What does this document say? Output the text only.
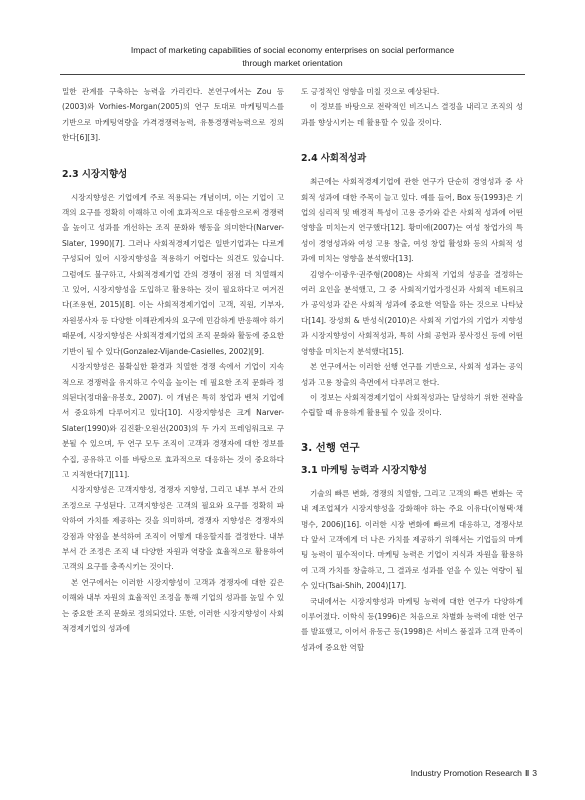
Impact of marketing capabilities of social economy enterprises on social performance
through market orientation

밀한 관계를 구축하는 능력을 가리킨다. 본연구에서는 Zou 등(2003)와 Vorhies-Morgan(2005)의 연구 토대로 마케팅믹스를 기반으로 마케팅역량을 가격경쟁력능력, 유통경쟁력능력으로 정의한다[6][3].

2.3 시장지향성

시장지향성은 기업에게 주로 적용되는 개념이며, 이는 기업이 고객의 요구를 정확히 이해하고 이에 효과적으로 대응함으로써 경쟁력을 높이고 성과를 개선하는 조직 문화와 행동을 의미한다(Narver-Slater, 1990)[7]. 그러나 사회적경제기업은 일반기업과는 다르게 구성되어 있어 시장지향성을 적용하기 어렵다는 의견도 있습니다. 그럼에도 불구하고, 사회적경제기업 간의 경쟁이 점점 더 치열해지고 있어, 시장지향성을 도입하고 활용하는 것이 필요하다고 여겨진다(조용현, 2015)[8]. 이는 사회적경제기업이 고객, 직원, 기부자, 자원봉사자 등 다양한 이해관계자의 요구에 민감하게 반응해야 하기 때문에, 시장지향성은 사회적경제기업의 조직 문화와 활동에 중요한 기반이 될 수 있다(Gonzalez-Vijande-Casielles, 2002)[9].

시장지향성은 불확실한 환경과 치열한 경쟁 속에서 기업이 지속적으로 경쟁력을 유지하고 수익을 높이는 데 필요한 조직 문화라 정의된다(정대율·유봉호, 2007). 이 개념은 특히 창업과 벤처 기업에서 중요하게 다루어지고 있다[10]. 시장지향성은 크게 Narver-Slater(1990)와 김진환·오원선(2003)의 두 가지 프레임워크로 구분될 수 있으며, 두 연구 모두 조직이 고객과 경쟁자에 대한 정보를 수집, 공유하고 이를 바탕으로 효과적으로 대응하는 것이 중요하다고 지적한다[7][11].

시장지향성은 고객지향성, 경쟁자 지향성, 그리고 내부 부서 간의 조정으로 구성된다. 고객지향성은 고객의 필요와 요구를 정확히 파악하여 가치를 제공하는 것을 의미하며, 경쟁자 지향성은 경쟁자의 강점과 약점을 분석하여 조직이 어떻게 대응할지를 결정한다. 내부 부서 간 조정은 조직 내 다양한 자원과 역량을 효율적으로 활용하여 고객의 요구를 충족시키는 것이다.

본 연구에서는 이러한 시장지향성이 고객과 경쟁자에 대한 깊은 이해와 내부 자원의 효율적인 조정을 통해 기업의 성과를 높일 수 있는 중요한 조직 문화로 정의되었다. 또한, 이러한 시장지향성이 사회적경제기업의 성과에

도 긍정적인 영향을 미칠 것으로 예상된다.

이 정보를 바탕으로 전략적인 비즈니스 결정을 내리고 조직의 성과를 향상시키는 데 활용할 수 있을 것이다.

2.4 사회적성과

최근에는 사회적경제기업에 관한 연구가 단순히 경영성과 중 사회적 성과에 대한 주목이 늘고 있다. 예를 들어, Box 등(1993)은 기업의 심리적 및 배경적 특성이 고용 증가와 같은 사회적 성과에 어떤 영향을 미치는지 연구했다[12]. 황미애(2007)는 여성 창업가의 특성이 경영성과와 여성 고용 창출, 여성 창업 활성화 등의 사회적 성과에 미치는 영향을 분석했다[13].

김영수·이광우·권주형(2008)는 사회적 기업의 성공을 결정하는 여러 요인을 분석했고, 그 중 사회적기업가정신과 사회적 네트워크가 공익성과 같은 사회적 성과에 중요한 역할을 하는 것으로 나타났다[14]. 장성희 & 반성식(2010)은 사회적 기업가의 기업가 지향성과 시장지향성이 사회적성과, 특히 사회 공헌과 봉사정신 등에 어떤 영향을 미치는지 분석했다[15].

본 연구에서는 이러한 선행 연구를 기반으로, 사회적 성과는 공익성과 고용 창출의 측면에서 다루려고 한다.

이 정보는 사회적경제기업이 사회적성과는 달성하기 위한 전략을 수립할 때 유용하게 활용될 수 있을 것이다.

3. 선행 연구
3.1 마케팅 능력과 시장지향성

기술의 빠른 변화, 경쟁의 치열함, 그리고 고객의 빠른 변화는 국내 제조업체가 시장지향성을 강화해야 하는 주요 이유다(이형택·채명수, 2006)[16]. 이러한 시장 변화에 빠르게 대응하고, 경쟁사보다 앞서 고객에게 더 나은 가치를 제공하기 위해서는 기업들의 마케팅 능력이 필수적이다. 마케팅 능력은 기업이 지식과 자원을 활용하여 고객 가치를 창출하고, 그 결과로 성과를 얻을 수 있는 역량이 될 수 있다(Tsai-Shih, 2004)[17].

국내에서는 시장지향성과 마케팅 능력에 대한 연구가 다양하게 이루어졌다. 이학식 등(1996)은 처음으로 차별화 능력에 대한 연구를 발표했고, 이어서 유동근 등(1998)은 서비스 품질과 고객 만족이 성과에 중요한 역할

Industry Promotion Research ‖ 3
